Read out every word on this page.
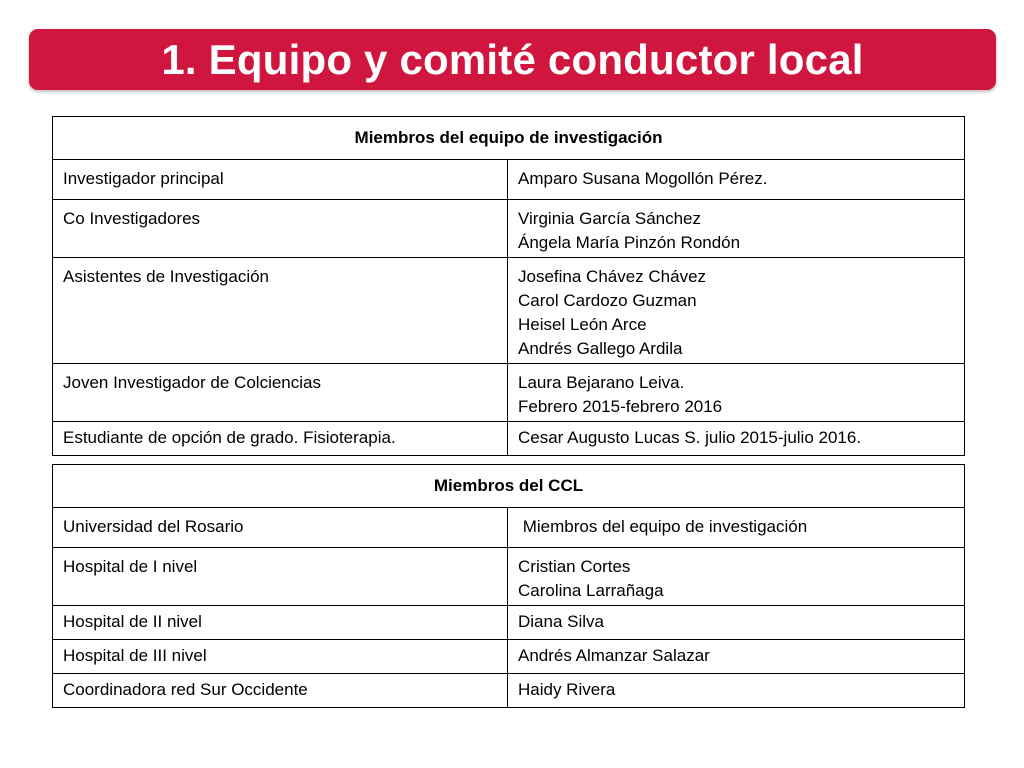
1. Equipo y comité conductor local
Miembros del equipo de investigación	
Investigador principal	Amparo Susana Mogollón Pérez.

Co Investigadores	Virginia García Sánchez
Ángela María Pinzón Rondón

Asistentes de Investigación	Josefina Chávez Chávez
Carol Cardozo Guzman
Heisel León Arce
Andrés Gallego Ardila

Joven Investigador de Colciencias	Laura Bejarano Leiva.
Febrero 2015-febrero 2016

Estudiante de opción de grado. Fisioterapia.	Cesar Augusto Lucas S. julio 2015-julio 2016.
Miembros del CCL	
Universidad del Rosario	Miembros del equipo de investigación

Hospital de I nivel	Cristian Cortes
Carolina Larrañaga

Hospital de II nivel	Diana Silva

Hospital de III nivel	Andrés Almanzar Salazar

Coordinadora red Sur Occidente	Haidy Rivera
